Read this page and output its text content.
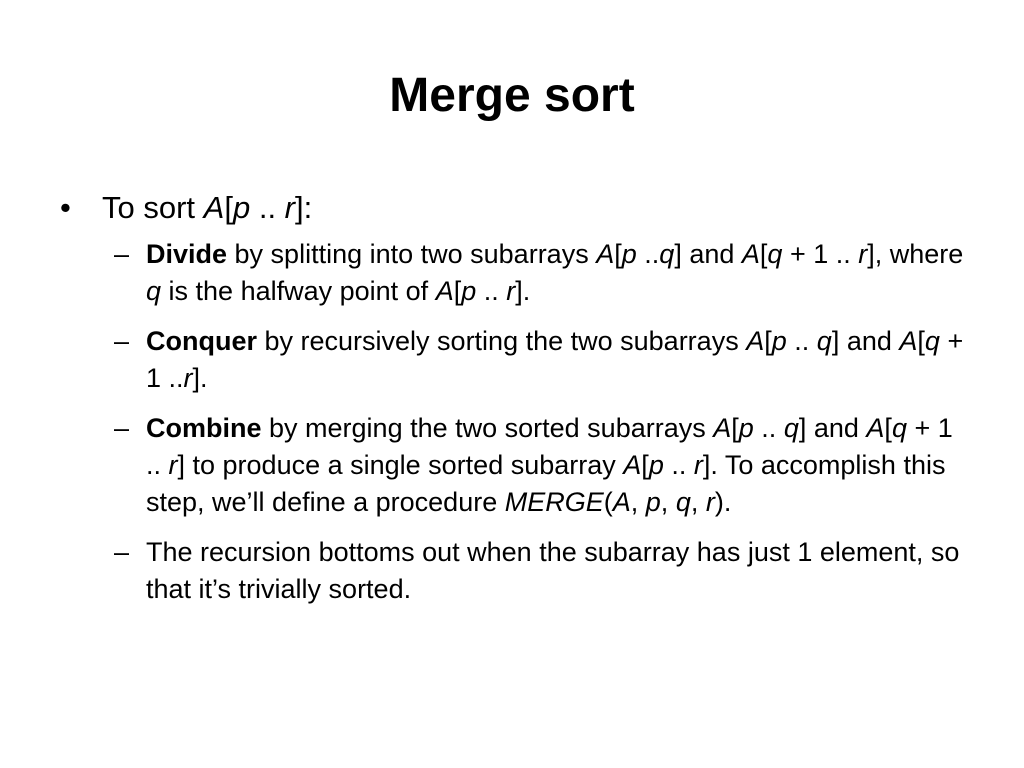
Merge sort
•	To sort A[p .. r]:
– Divide by splitting into two subarrays A[p ..q] and A[q + 1 .. r], where q is the halfway point of A[p .. r].
– Conquer by recursively sorting the two subarrays A[p .. q] and A[q + 1 ..r].
– Combine by merging the two sorted subarrays A[p .. q] and A[q + 1 .. r] to produce a single sorted subarray A[p .. r]. To accomplish this step, we’ll define a procedure MERGE(A, p, q, r).
– The recursion bottoms out when the subarray has just 1 element, so that it’s trivially sorted.
